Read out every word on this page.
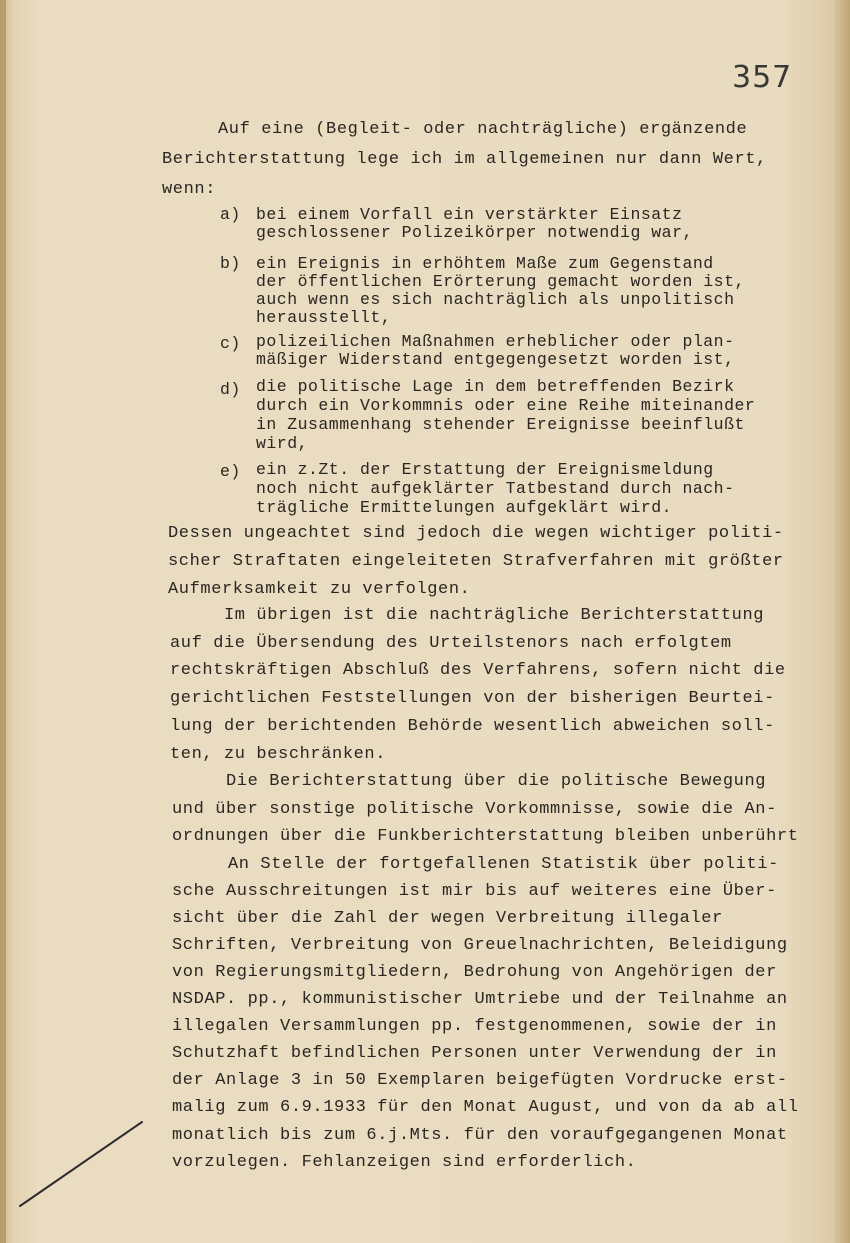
357
Auf eine (Begleit- oder nachträgliche) ergänzende
Berichterstattung lege ich im allgemeinen nur dann Wert,
wenn:
a) bei einem Vorfall ein verstärkter Einsatz
geschlossener Polizeikörper notwendig war,
b) ein Ereignis in erhöhtem Maße zum Gegenstand
der öffentlichen Erörterung gemacht worden ist,
auch wenn es sich nachträglich als unpolitisch
herausstellt,
c) polizeilichen Maßnahmen erheblicher oder plan-
mäßiger Widerstand entgegengesetzt worden ist,
d) die politische Lage in dem betreffenden Bezirk
durch ein Vorkommnis oder eine Reihe miteinander
in Zusammenhang stehender Ereignisse beeinflußt
wird,
e) ein z.Zt. der Erstattung der Ereignismeldung
noch nicht aufgeklärter Tatbestand durch nach-
trägliche Ermittelungen aufgeklärt wird.
Dessen ungeachtet sind jedoch die wegen wichtiger politi-
scher Straftaten eingeleiteten Strafverfahren mit größter
Aufmerksamkeit zu verfolgen.
Im übrigen ist die nachträgliche Berichterstattung
auf die Übersendung des Urteilstenors nach erfolgtem
rechtskräftigen Abschluß des Verfahrens, sofern nicht die
gerichtlichen Feststellungen von der bisherigen Beurtei-
lung der berichtenden Behörde wesentlich abweichen soll-
ten, zu beschränken.
Die Berichterstattung über die politische Bewegung
und über sonstige politische Vorkommnisse, sowie die An-
ordnungen über die Funkberichterstattung bleiben unberührt
An Stelle der fortgefallenen Statistik über politi-
sche Ausschreitungen ist mir bis auf weiteres eine Über-
sicht über die Zahl der wegen Verbreitung illegaler
Schriften, Verbreitung von Greuelnachrichten, Beleidigung
von Regierungsmitgliedern, Bedrohung von Angehörigen der
NSDAP. pp., kommunistischer Umtriebe und der Teilnahme an
illegalen Versammlungen pp. festgenommenen, sowie der in
Schutzhaft befindlichen Personen unter Verwendung der in
der Anlage 3 in 50 Exemplaren beigefügten Vordrucke erst-
malig zum 6.9.1933 für den Monat August, und von da ab all
monatlich bis zum 6.j.Mts. für den voraufgegangenen Monat
vorzulegen. Fehlanzeigen sind erforderlich.
